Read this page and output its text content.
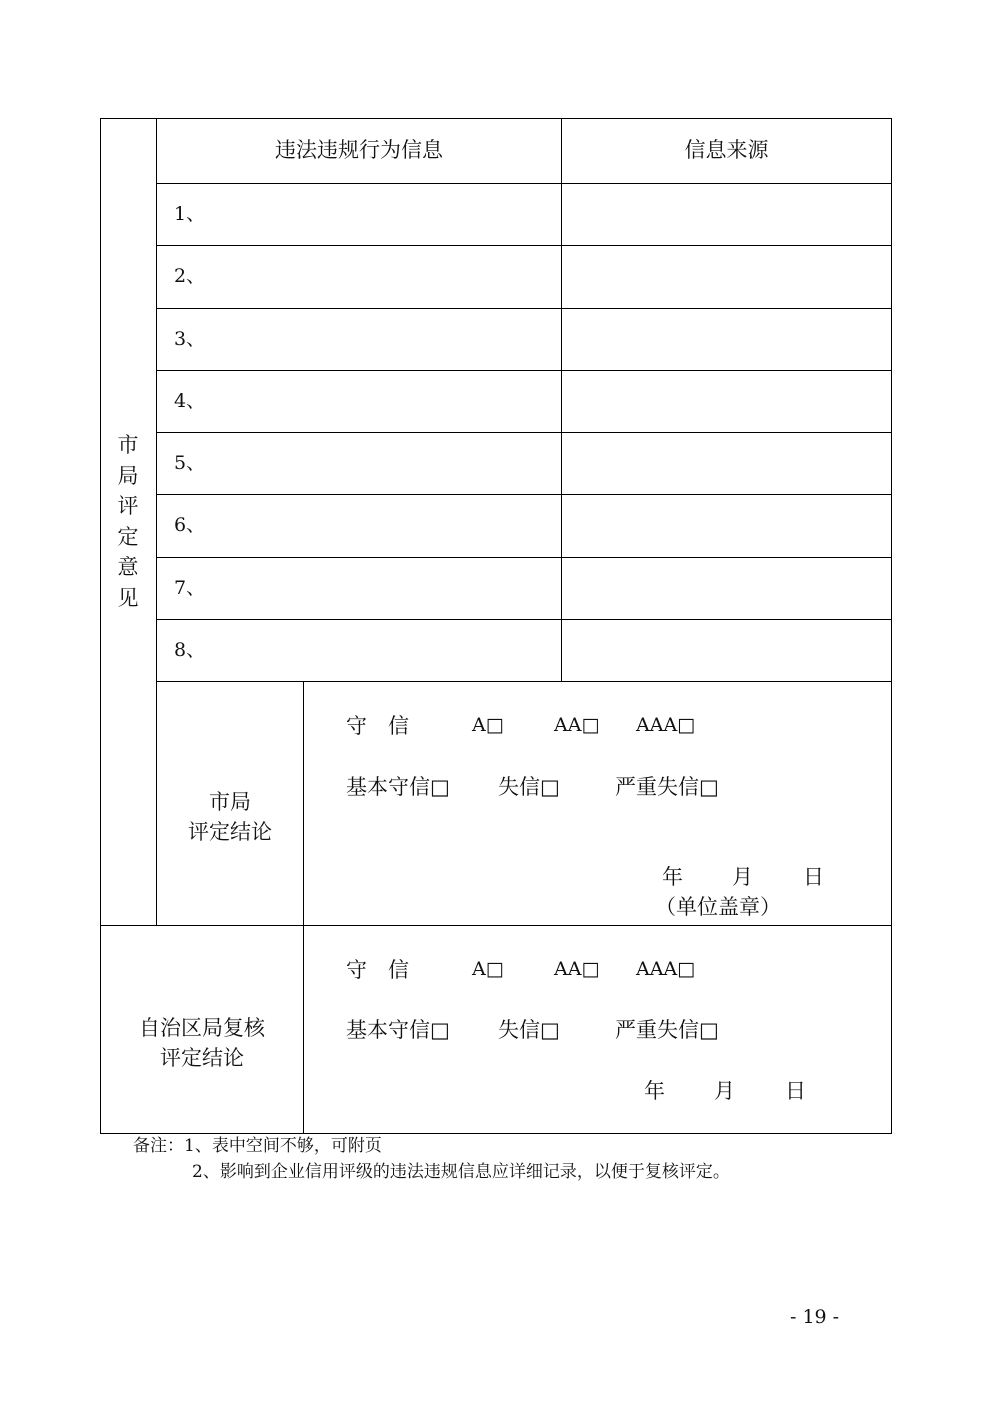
市
局
评
定
意
见
违法违规行为信息	信息来源
1、
2、
3、
4、
5、
6、
7、
8、
市局
评定结论
守　信	A□	AA□ AAA□
基本守信□ 失信□	严重失信□
年 月 日
（单位盖章）
自治区局复核
评定结论
守　信	A□	AA□ AAA□
基本守信□ 失信□	严重失信□
年 月 日
备注：1、表中空间不够，可附页
2、影响到企业信用评级的违法违规信息应详细记录，以便于复核评定。
- 19 -
